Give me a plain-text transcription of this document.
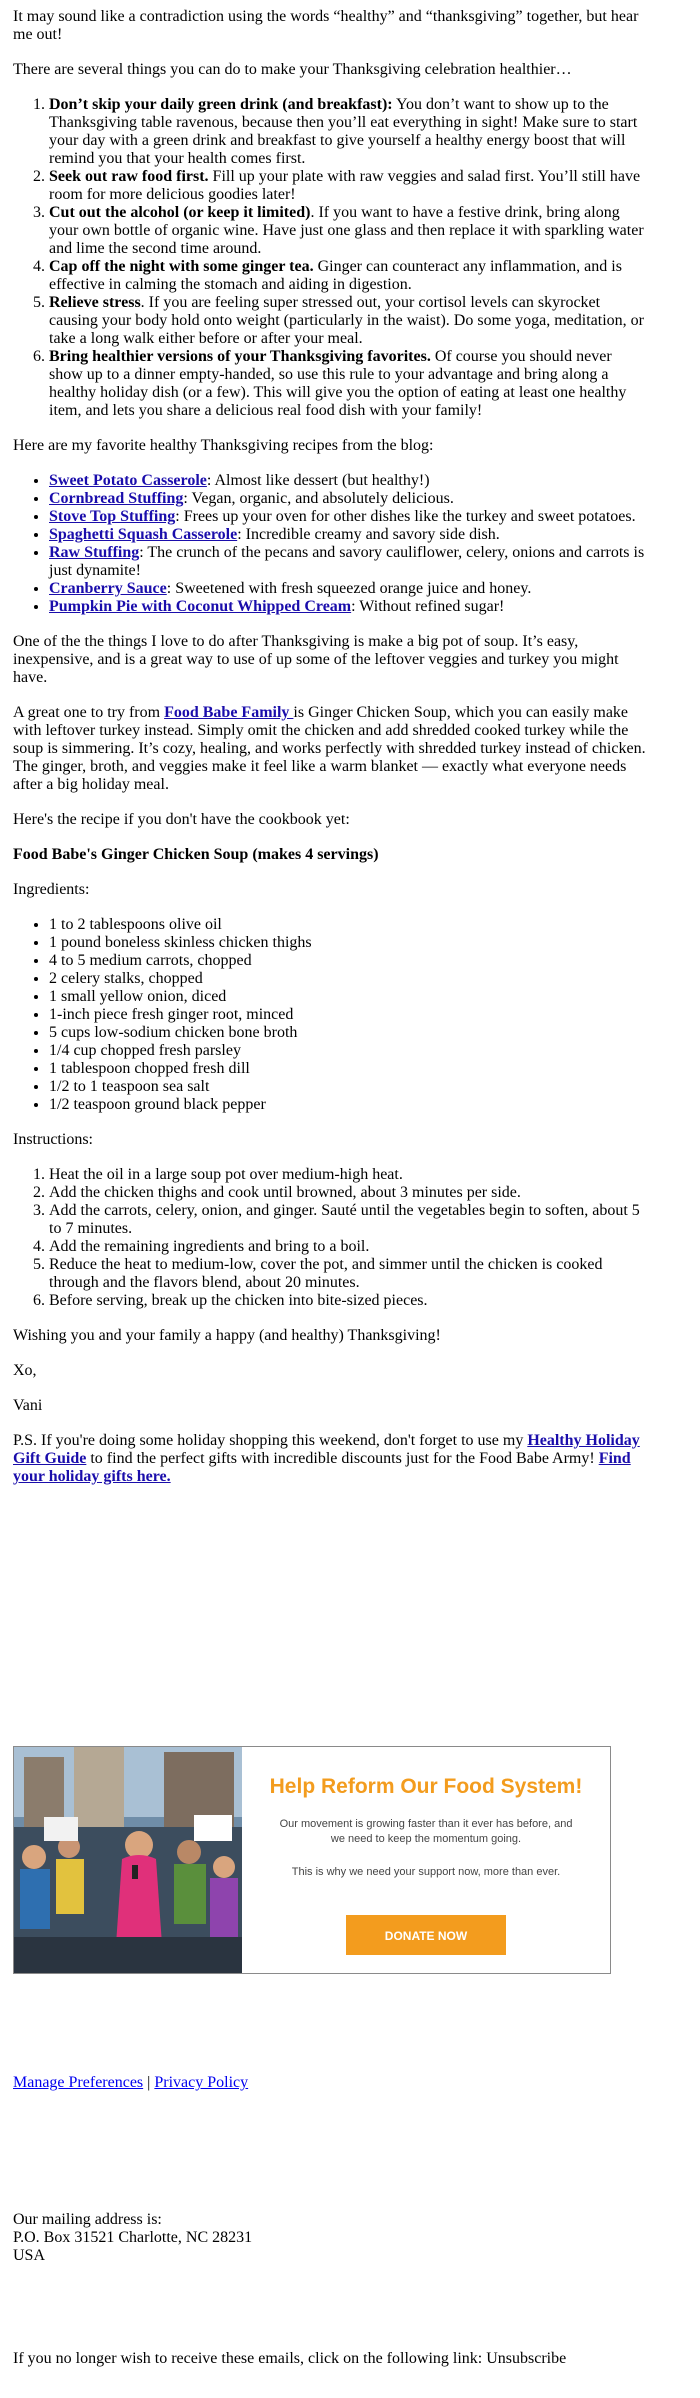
It may sound like a contradiction using the words “healthy” and “thanksgiving” together, but hear me out!

There are several things you can do to make your Thanksgiving celebration healthier…

1. Don’t skip your daily green drink (and breakfast): You don’t want to show up to the Thanksgiving table ravenous, because then you’ll eat everything in sight! Make sure to start your day with a green drink and breakfast to give yourself a healthy energy boost that will remind you that your health comes first.
2. Seek out raw food first. Fill up your plate with raw veggies and salad first. You’ll still have room for more delicious goodies later!
3. Cut out the alcohol (or keep it limited). If you want to have a festive drink, bring along your own bottle of organic wine. Have just one glass and then replace it with sparkling water and lime the second time around.
4. Cap off the night with some ginger tea. Ginger can counteract any inflammation, and is effective in calming the stomach and aiding in digestion.
5. Relieve stress. If you are feeling super stressed out, your cortisol levels can skyrocket causing your body hold onto weight (particularly in the waist). Do some yoga, meditation, or take a long walk either before or after your meal.
6. Bring healthier versions of your Thanksgiving favorites. Of course you should never show up to a dinner empty-handed, so use this rule to your advantage and bring along a healthy holiday dish (or a few). This will give you the option of eating at least one healthy item, and lets you share a delicious real food dish with your family!

Here are my favorite healthy Thanksgiving recipes from the blog:

• Sweet Potato Casserole: Almost like dessert (but healthy!)
• Cornbread Stuffing: Vegan, organic, and absolutely delicious.
• Stove Top Stuffing: Frees up your oven for other dishes like the turkey and sweet potatoes.
• Spaghetti Squash Casserole: Incredible creamy and savory side dish.
• Raw Stuffing: The crunch of the pecans and savory cauliflower, celery, onions and carrots is just dynamite!
• Cranberry Sauce: Sweetened with fresh squeezed orange juice and honey.
• Pumpkin Pie with Coconut Whipped Cream: Without refined sugar!

One of the the things I love to do after Thanksgiving is make a big pot of soup. It’s easy, inexpensive, and is a great way to use of up some of the leftover veggies and turkey you might have.

A great one to try from Food Babe Family is Ginger Chicken Soup, which you can easily make with leftover turkey instead. Simply omit the chicken and add shredded cooked turkey while the soup is simmering. It’s cozy, healing, and works perfectly with shredded turkey instead of chicken. The ginger, broth, and veggies make it feel like a warm blanket — exactly what everyone needs after a big holiday meal.

Here's the recipe if you don't have the cookbook yet:

Food Babe's Ginger Chicken Soup (makes 4 servings)

Ingredients:

• 1 to 2 tablespoons olive oil
• 1 pound boneless skinless chicken thighs
• 4 to 5 medium carrots, chopped
• 2 celery stalks, chopped
• 1 small yellow onion, diced
• 1-inch piece fresh ginger root, minced
• 5 cups low-sodium chicken bone broth
• 1/4 cup chopped fresh parsley
• 1 tablespoon chopped fresh dill
• 1/2 to 1 teaspoon sea salt
• 1/2 teaspoon ground black pepper

Instructions:

1. Heat the oil in a large soup pot over medium-high heat.
2. Add the chicken thighs and cook until browned, about 3 minutes per side.
3. Add the carrots, celery, onion, and ginger. Sauté until the vegetables begin to soften, about 5 to 7 minutes.
4. Add the remaining ingredients and bring to a boil.
5. Reduce the heat to medium-low, cover the pot, and simmer until the chicken is cooked through and the flavors blend, about 20 minutes.
6. Before serving, break up the chicken into bite-sized pieces.

Wishing you and your family a happy (and healthy) Thanksgiving!

Xo,

Vani

P.S. If you're doing some holiday shopping this weekend, don't forget to use my Healthy Holiday Gift Guide to find the perfect gifts with incredible discounts just for the Food Babe Army! Find your holiday gifts here.

Help Reform Our Food System!
Our movement is growing faster than it ever has before, and we need to keep the momentum going.
This is why we need your support now, more than ever.
DONATE NOW
Manage Preferences | Privacy Policy
Our mailing address is:
P.O. Box 31521 Charlotte, NC 28231
USA
If you no longer wish to receive these emails, click on the following link: Unsubscribe
